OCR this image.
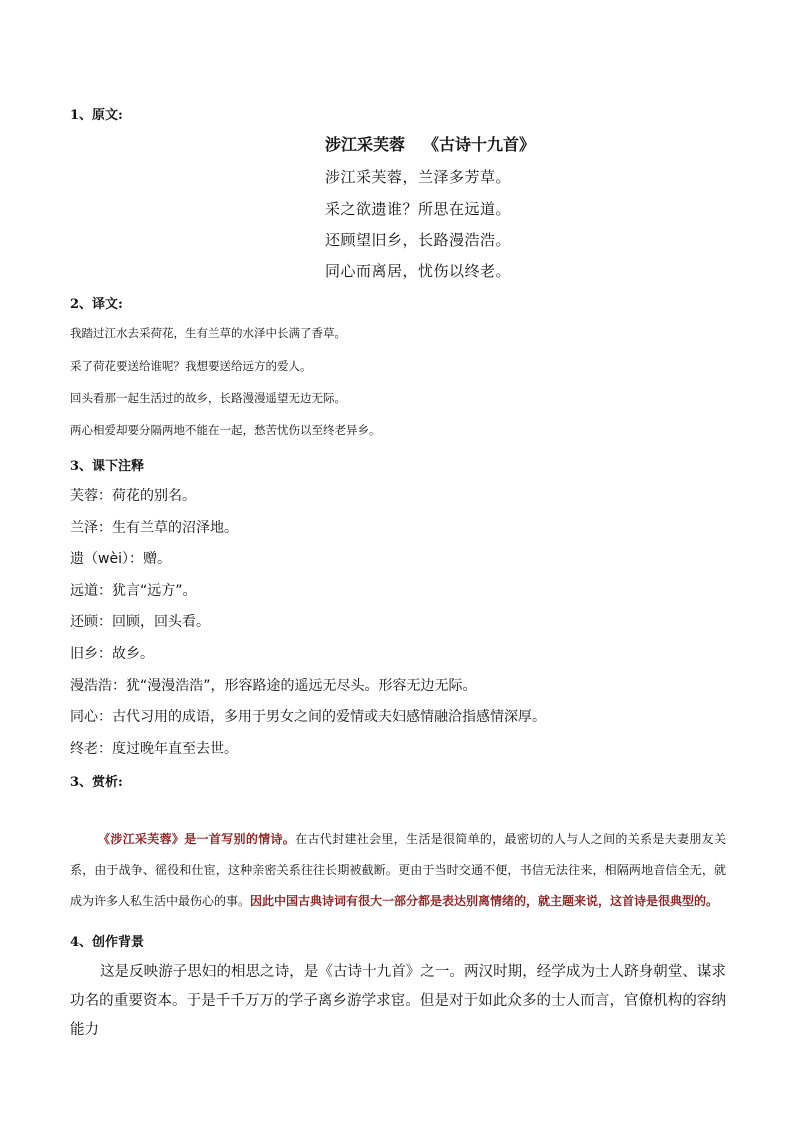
1、原文:
涉江采芙蓉 《古诗十九首》
涉江采芙蓉，兰泽多芳草。
采之欲遗谁？所思在远道。
还顾望旧乡，长路漫浩浩。
同心而离居，忧伤以终老。
2、译文:
我踏过江水去采荷花，生有兰草的水泽中长满了香草。
采了荷花要送给谁呢？我想要送给远方的爱人。
回头看那一起生活过的故乡，长路漫漫遥望无边无际。
两心相爱却要分隔两地不能在一起，愁苦忧伤以至终老异乡。
3、课下注释
芙蓉：荷花的别名。
兰泽：生有兰草的沼泽地。
遗（wèi）：赠。
远道：犹言“远方”。
还顾：回顾，回头看。
旧乡：故乡。
漫浩浩：犹“漫漫浩浩”，形容路途的遥远无尽头。形容无边无际。
同心：古代习用的成语，多用于男女之间的爱情或夫妇感情融洽指感情深厚。
终老：度过晚年直至去世。
3、赏析:
《涉江采芙蓉》是一首写别的情诗。在古代封建社会里，生活是很简单的，最密切的人与人之间的关系是夫妻朋友关系，由于战争、徭役和仕宦，这种亲密关系往往长期被截断。更由于当时交通不便，书信无法往来，相隔两地音信全无，就成为许多人私生活中最伤心的事。因此中国古典诗词有很大一部分都是表达别离情绪的，就主题来说，这首诗是很典型的。
4、创作背景
这是反映游子思妇的相思之诗，是《古诗十九首》之一。两汉时期，经学成为士人跻身朝堂、谋求功名的重要资本。于是千千万万的学子离乡游学求宦。但是对于如此众多的士人而言，官僚机构的容纳能力
